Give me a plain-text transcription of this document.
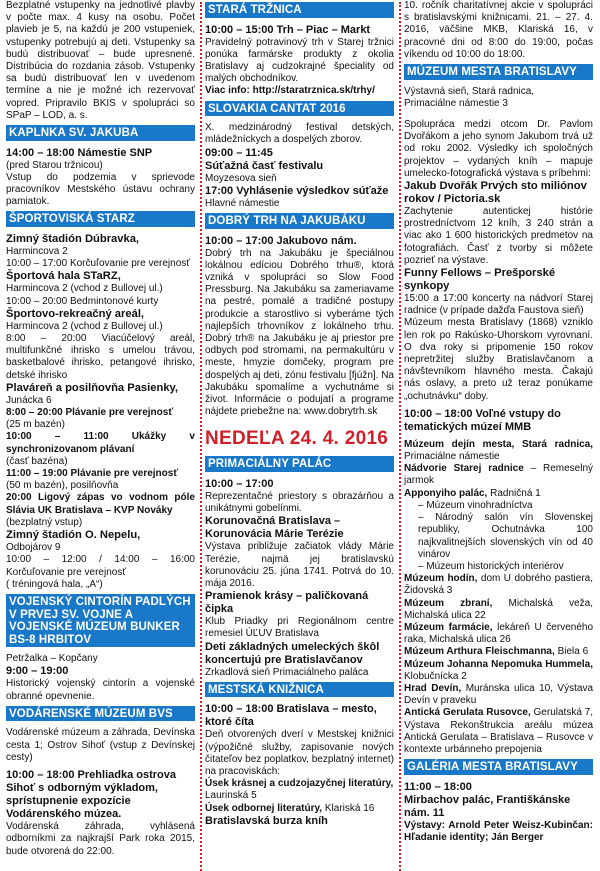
Bezplatné vstupenky na jednotlivé plavby v počte max. 4 kusy na osobu. Počet plavieb je 5, na každú je 200 vstupeniek, vstupenky potrebujú aj deti. Vstupenky sa budú distribuovať – bude upresnené. Distribúcia do rozdania zásob. Vstupenky sa budú distribuovať len v uvedenom termíne a nie je možné ich rezervovať vopred. Pripravilo BKIS v spolupráci so SPaP – LOD, a. s.

KAPLNKA SV. JAKUBA
14:00 – 18:00 Námestie SNP

(pred Starou tržnicou)

Vstup do podzemia v sprievode pracovníkov Mestského ústavu ochrany pamiatok.

ŠPORTOVISKÁ STARZ
Zimný štadión Dúbravka,

Harmincova 2

10:00 – 17:00 Korčuľovanie pre verejnosť

Športová hala STaRZ,

Harmincova 2 (vchod z Bullovej ul.)

10:00 – 20:00 Bedmintonové kurty

Športovo-rekreačný areál,

Harmincova 2 (vchod z Bullovej ul.)

8:00 – 20:00 Viacúčelový areál, multifunkčné ihrisko s umelou trávou, basketbalové ihrisko, petangové ihrisko, detské ihrisko

Plaváreň a posilňovňa Pasienky,

Junácka 6

8:00 – 20:00 Plávanie pre verejnosť

(25 m bazén)

10:00 – 11:00 Ukážky v synchronizovanom plávaní

(časť bazéna)

11:00 – 19:00 Plávanie pre verejnosť

(50 m bazén), posilňovňa

20:00 Ligový zápas vo vodnom póle Slávia UK Bratislava – KVP Nováky

(bezplatný vstup)

Zimný štadión O. Nepelu,

Odbojárov 9

10:00 – 12:00 / 14:00 – 16:00 Korčuľovanie pre verejnosť

( tréningová hala, „A“)

VOJENSKÝ CINTORÍN PADLÝCH V PRVEJ SV. VOJNE A VOJENSKÉ MÚZEUM BUNKER BS-8 HRBITOV

Petržalka – Kopčany

9:00 – 19:00

Historický vojenský cintorín a vojenské obranné opevnenie.

VODÁRENSKÉ MÚZEUM BVS

Vodárenské múzeum a záhrada, Devínska cesta 1; Ostrov Sihoť (vstup z Devínskej cesty)

10:00 – 18:00 Prehliadka ostrova Sihoť s odborným výkladom, sprístupnenie expozície Vodárenského múzea.

Vodárenská záhrada, vyhlásená odborníkmi za najkrajší Park roka 2015, bude otvorená do 22:00.

STARÁ TRŽNICA
10:00 – 15:00 Trh – Piac – Markt

Pravidelný potravinový trh v Starej tržnici ponúka farmárske produkty z okolia Bratislavy aj cudzokrajné špeciality od malých obchodníkov.

Viac info: http://staratrznica.sk/trhy/

SLOVAKIA CANTAT 2016

X. medzinárodný festival detských, mládežníckych a dospelých zborov.

09:00 – 11:45
Súťažná časť festivalu

Moyzesova sieň

17:00 Vyhlásenie výsledkov súťaže

Hlavné námestie

DOBRÝ TRH NA JAKUBÁKU
10:00 – 17:00 Jakubovo nám.

Dobrý trh na Jakubáku je špeciálnou lokálnou edíciou Dobrého trhu®, ktorá vzniká v spolupráci so Slow Food Pressburg. Na Jakubáku sa zameriavame na pestré, pomalé a tradičné postupy produkcie a starostlivo si vyberáme tých najlepších trhovníkov z lokálneho trhu. Dobrý trh® na Jakubáku je aj priestor pre odbych pod stromami, na permakultúru v meste, hmyzie domčeky, program pre dospelých aj deti, zónu festivalu [fjúžn]. Na Jakubáku spomalíme a vychutnáme si život. Informácie o podujatí a programe nájdete priebežne na: www.dobrytrh.sk

NEDEĽA 24. 4. 2016
PRIMACIÁLNY PALÁC
10:00 – 17:00

Reprezentačné priestory s obrazárňou a unikátnymi gobelínmi.

Korunovačná Bratislava – Korunovácia Márie Terézie

Výstava približuje začiatok vlády Márie Terézie, najmä jej bratislavskú korunováciu 25. júna 1741. Potrvá do 10. mája 2016.

Pramienok krásy – paličkovaná čipka

Klub Priadky pri Regionálnom centre remesiel ÚĽUV Bratislava

Deti základných umeleckých škôl koncertujú pre Bratislavčanov

Zrkadlová sieň Primaciálneho paláca

MESTSKÁ KNIŽNICA
10:00 – 18:00 Bratislava – mesto, ktoré číta

Deň otvorených dverí v Mestskej knižnici (výpožičné služby, zapisovanie nových čitateľov bez poplatkov, bezplatný internet) na pracoviskách:

Úsek krásnej a cudzojazyčnej literatúry,

Laurinská 5

Úsek odbornej literatúry, Klariská 16

Bratislavská burza kníh

10. ročník charitatívnej akcie v spolupráci s bratislavskými knižnicami. 21. – 27. 4. 2016, väčšine MKB, Klariská 16, v pracovné dni od 8:00 do 19:00, počas víkendu od 10:00 do 18:00.

MÚZEUM MESTA BRATISLAVY

Výstavná sieň, Stará radnica,

Primaciálne námestie 3

Spolupráca medzi otcom Dr. Pavlom Dvořákom a jeho synom Jakubom trvá už od roku 2002. Výsledky ich spoločných projektov – vydaných kníh – mapuje umelecko-fotografická výstava s príbehmi:

Jakub Dvořák Prvých sto miliónov rokov / Pictoria.sk

Zachytenie autentickej histórie prostredníctvom 12 kníh, 3 240 strán a viac ako 1 600 historických predmetov na fotografiách. Časť z tvorby si môžete pozrieť na výstave.

Funny Fellows – Prešporské synkopy

15:00 a 17:00 koncerty na nádvorí Starej radnice (v prípade dažďa Faustova sieň)

Múzeum mesta Bratislavy (1868) vzniklo len rok po Rakúsko-Uhorskom vyrovnaní. O dva roky si pripomenie 150 rokov nepretržitej služby Bratislavčanom a návštevníkom hlavného mesta. Čakajú nás oslavy, a preto už teraz ponúkame „ochutnávku“ doby.

10:00 – 18:00 Voľné vstupy do tematických múzeí MMB

Múzeum dejín mesta, Stará radnica, Primaciálne námestie

Nádvorie Starej radnice – Remeselný jarmok

Apponyiho palác, Radničná 1

– Múzeum vinohradníctva

– Národný salón vín Slovenskej republiky, Ochutnávka 100 najkvalitnejších slovenských vín od 40 vinárov

– Múzeum historických interiérov

Múzeum hodín, dom U dobrého pastiera, Židovská 3

Múzeum zbraní, Michalská veža, Michalská ulica 22

Múzeum farmácie, lekáreň U červeného raka, Michalská ulica 26

Múzeum Arthura Fleischmanna, Biela 6

Múzeum Johanna Nepomuka Hummela, Klobučnícka 2

Hrad Devín, Muránska ulica 10, Výstava Devín v praveku

Antická Gerulata Rusovce, Gerulatská 7, Výstava Rekonštrukcia areálu múzea Antická Gerulata – Bratislava – Rusovce v kontexte urbánneho prepojenia

GALÉRIA MESTA BRATISLAVY
11:00 – 18:00
Mirbachov palác, Františkánske nám. 11

Výstavy: Arnold Peter Weisz-Kubinčan: Hľadanie identity; Ján Berger
